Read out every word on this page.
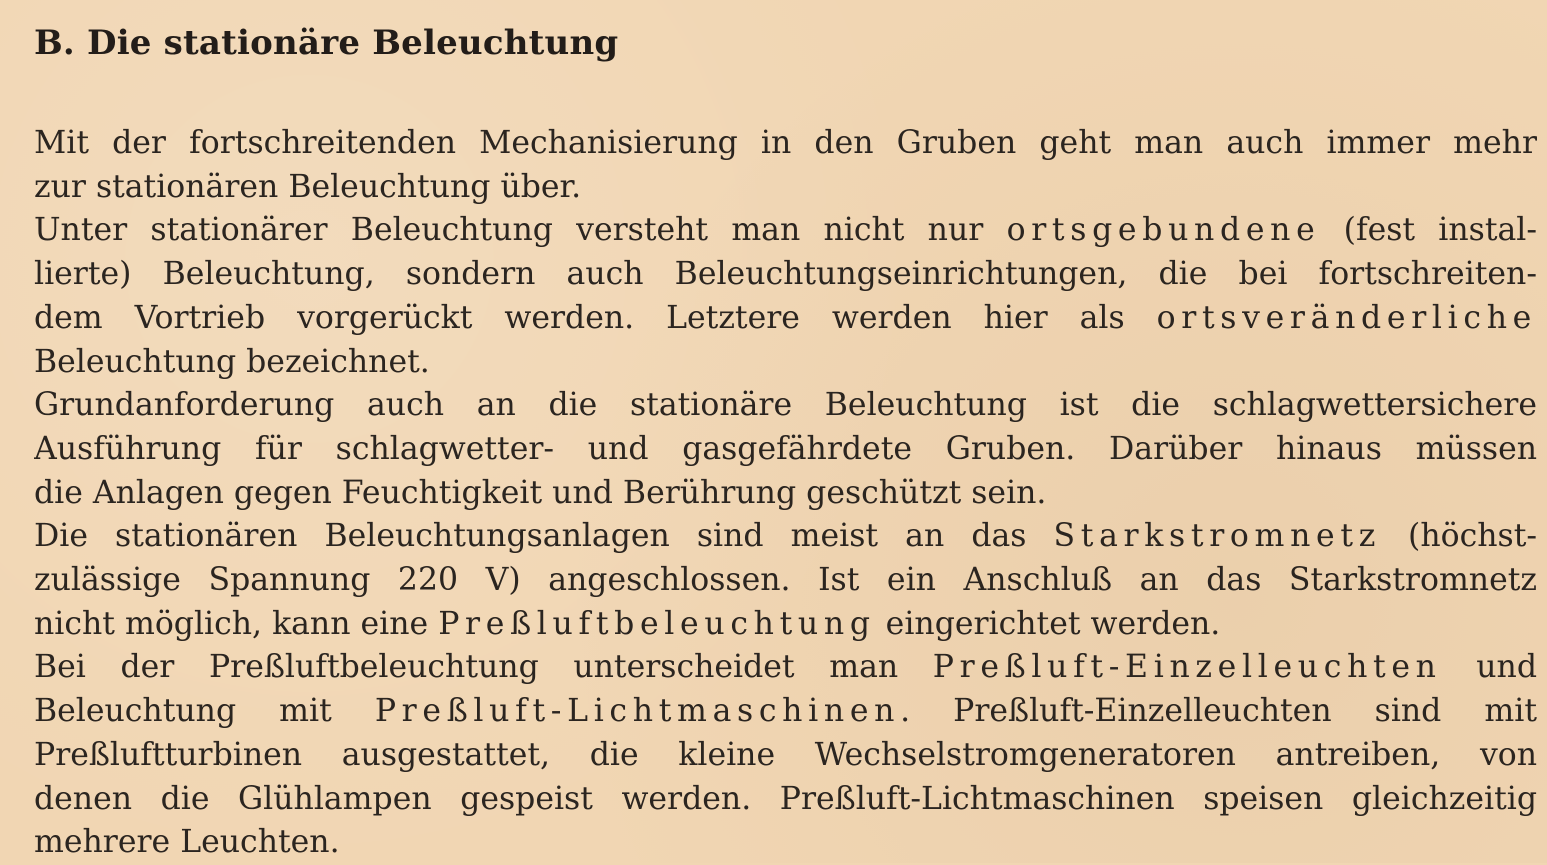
B. Die stationäre Beleuchtung

Mit der fortschreitenden Mechanisierung in den Gruben geht man auch immer mehr
zur stationären Beleuchtung über.

Unter stationärer Beleuchtung versteht man nicht nur ortsgebundene (fest instal-
lierte) Beleuchtung, sondern auch Beleuchtungseinrichtungen, die bei fortschreiten-
dem Vortrieb vorgerückt werden. Letztere werden hier als ortsveränderliche
Beleuchtung bezeichnet.

Grundanforderung auch an die stationäre Beleuchtung ist die schlagwettersichere
Ausführung für schlagwetter- und gasgefährdete Gruben. Darüber hinaus müssen
die Anlagen gegen Feuchtigkeit und Berührung geschützt sein.

Die stationären Beleuchtungsanlagen sind meist an das Starkstromnetz (höchst-
zulässige Spannung 220 V) angeschlossen. Ist ein Anschluß an das Starkstromnetz
nicht möglich, kann eine Preßluftbeleuchtung eingerichtet werden.

Bei der Preßluftbeleuchtung unterscheidet man Preßluft-Einzelleuchten und
Beleuchtung mit Preßluft-Lichtmaschinen. Preßluft-Einzelleuchten sind mit
Preßluftturbinen ausgestattet, die kleine Wechselstromgeneratoren antreiben, von
denen die Glühlampen gespeist werden. Preßluft-Lichtmaschinen speisen gleichzeitig
mehrere Leuchten.
